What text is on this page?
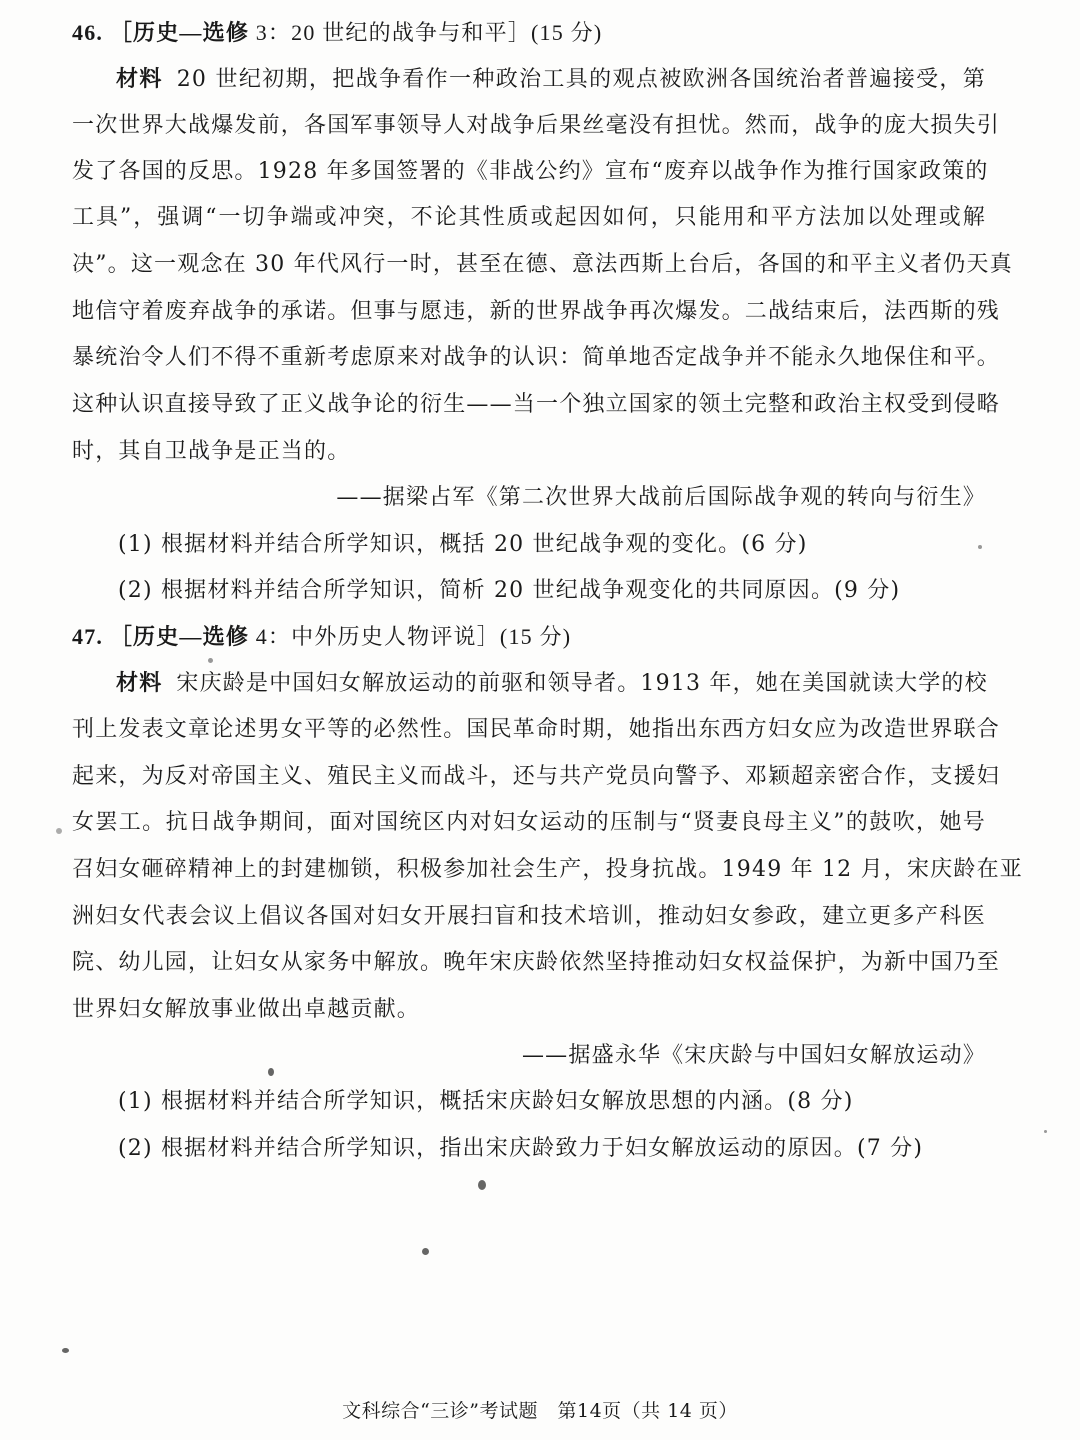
46. ［历史—选修 3：20 世纪的战争与和平］(15 分)
材料 20 世纪初期，把战争看作一种政治工具的观点被欧洲各国统治者普遍接受，第
一次世界大战爆发前，各国军事领导人对战争后果丝毫没有担忧。然而，战争的庞大损失引
发了各国的反思。1928 年多国签署的《非战公约》宣布“废弃以战争作为推行国家政策的
工具”，强调“一切争端或冲突，不论其性质或起因如何，只能用和平方法加以处理或解
决”。这一观念在 30 年代风行一时，甚至在德、意法西斯上台后，各国的和平主义者仍天真
地信守着废弃战争的承诺。但事与愿违，新的世界战争再次爆发。二战结束后，法西斯的残
暴统治令人们不得不重新考虑原来对战争的认识：简单地否定战争并不能永久地保住和平。
这种认识直接导致了正义战争论的衍生——当一个独立国家的领土完整和政治主权受到侵略
时，其自卫战争是正当的。
——据梁占军《第二次世界大战前后国际战争观的转向与衍生》
(1) 根据材料并结合所学知识，概括 20 世纪战争观的变化。(6 分)
(2) 根据材料并结合所学知识，简析 20 世纪战争观变化的共同原因。(9 分)
47. ［历史—选修 4：中外历史人物评说］(15 分)
材料 宋庆龄是中国妇女解放运动的前驱和领导者。1913 年，她在美国就读大学的校
刊上发表文章论述男女平等的必然性。国民革命时期，她指出东西方妇女应为改造世界联合
起来，为反对帝国主义、殖民主义而战斗，还与共产党员向警予、邓颖超亲密合作，支援妇
女罢工。抗日战争期间，面对国统区内对妇女运动的压制与“贤妻良母主义”的鼓吹，她号
召妇女砸碎精神上的封建枷锁，积极参加社会生产，投身抗战。1949 年 12 月，宋庆龄在亚
洲妇女代表会议上倡议各国对妇女开展扫盲和技术培训，推动妇女参政，建立更多产科医
院、幼儿园，让妇女从家务中解放。晚年宋庆龄依然坚持推动妇女权益保护，为新中国乃至
世界妇女解放事业做出卓越贡献。
——据盛永华《宋庆龄与中国妇女解放运动》
(1) 根据材料并结合所学知识，概括宋庆龄妇女解放思想的内涵。(8 分)
(2) 根据材料并结合所学知识，指出宋庆龄致力于妇女解放运动的原因。(7 分)
文科综合“三诊”考试题　第14页（共 14 页）
